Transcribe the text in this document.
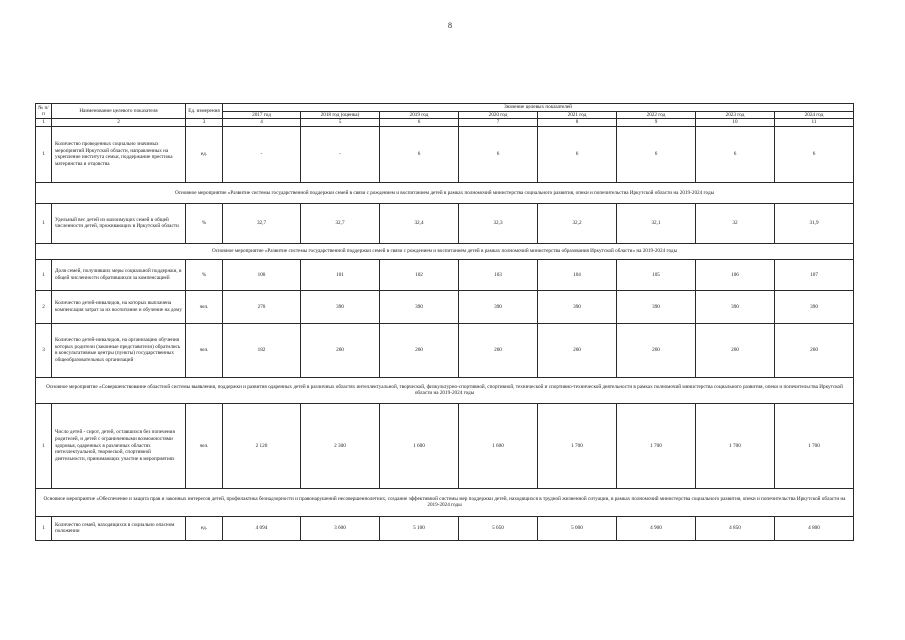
8
№ п/п	Наименование целевого показателя	Ед. измерения	Значение целевых показателей							
			2017 год	2018 год (оценка)	2019 год	2020 год	2021 год	2022 год	2023 год	2024 год
1	2	3	4	5	6	7	8	9	10	11
1	Количество проведенных социально значимых мероприятий Иркутской области, направленных на укрепление института семьи, поддержание престижа материнства и отцовства	ед.	-	-	6	6	6	6	6	6
Основное мероприятие «Развитие системы государственной поддержки семей в связи с рождением и воспитанием детей в рамках полномочий министерства социального развития, опеки и попечительства Иркутской области на 2019-2024 годы										
1	Удельный вес детей из малоимущих семей в общей численности детей, проживающих в Иркутской области	%	32,7	32,7	32,4	32,3	32,2	32,1	32	31,9
Основное мероприятие «Развитие системы государственной поддержки семей в связи с рождением и воспитанием детей в рамках полномочий министерства образования Иркутской области» на 2019-2024 годы										
1	Доля семей, получивших меры социальной поддержки, в общей численности обратившихся за компенсацией	%	100	101	102	103	104	105	106	107
2	Количество детей-инвалидов, на которых выплачена компенсация затрат за их воспитание и обучение на дому	чел.	270	390	390	390	390	390	390	390
3	Количество детей-инвалидов, на организацию обучения которых родители (законные представители) обратились в консультативные центры (пункты) государственных общеобразовательных организаций	чел.	182	260	260	260	260	260	260	260
Основное мероприятие «Совершенствование областной системы выявления, поддержки и развития одаренных детей в различных областях интеллектуальной, творческой, физкультурно-спортивной, спортивной, технической и спортивно-технической деятельности в рамках полномочий министерства социального развития, опеки и попечительства Иркутской области на 2019-2024 годы										
1	Число детей - сирот, детей, оставшихся без попечения родителей, и детей с ограниченными возможностями здоровья, одаренных в различных областях интеллектуальной, творческой, спортивной деятельности, принимающих участие в мероприятиях	чел.	2 120	2 300	1 600	1 600	1 700	1 700	1 700	1 700
Основное мероприятие «Обеспечение и защита прав и законных интересов детей, профилактика безнадзорности и правонарушений несовершеннолетних, создание эффективной системы мер поддержки детей, находящихся в трудной жизненной ситуации, в рамках полномочий министерства социального развития, опеки и попечительства Иркутской области на 2019-2024 годы										
1	Количество семей, находящихся в социально опасном положении	ед.	4 094	3 600	5 100	5 050	5 000	4 900	4 850	4 800
